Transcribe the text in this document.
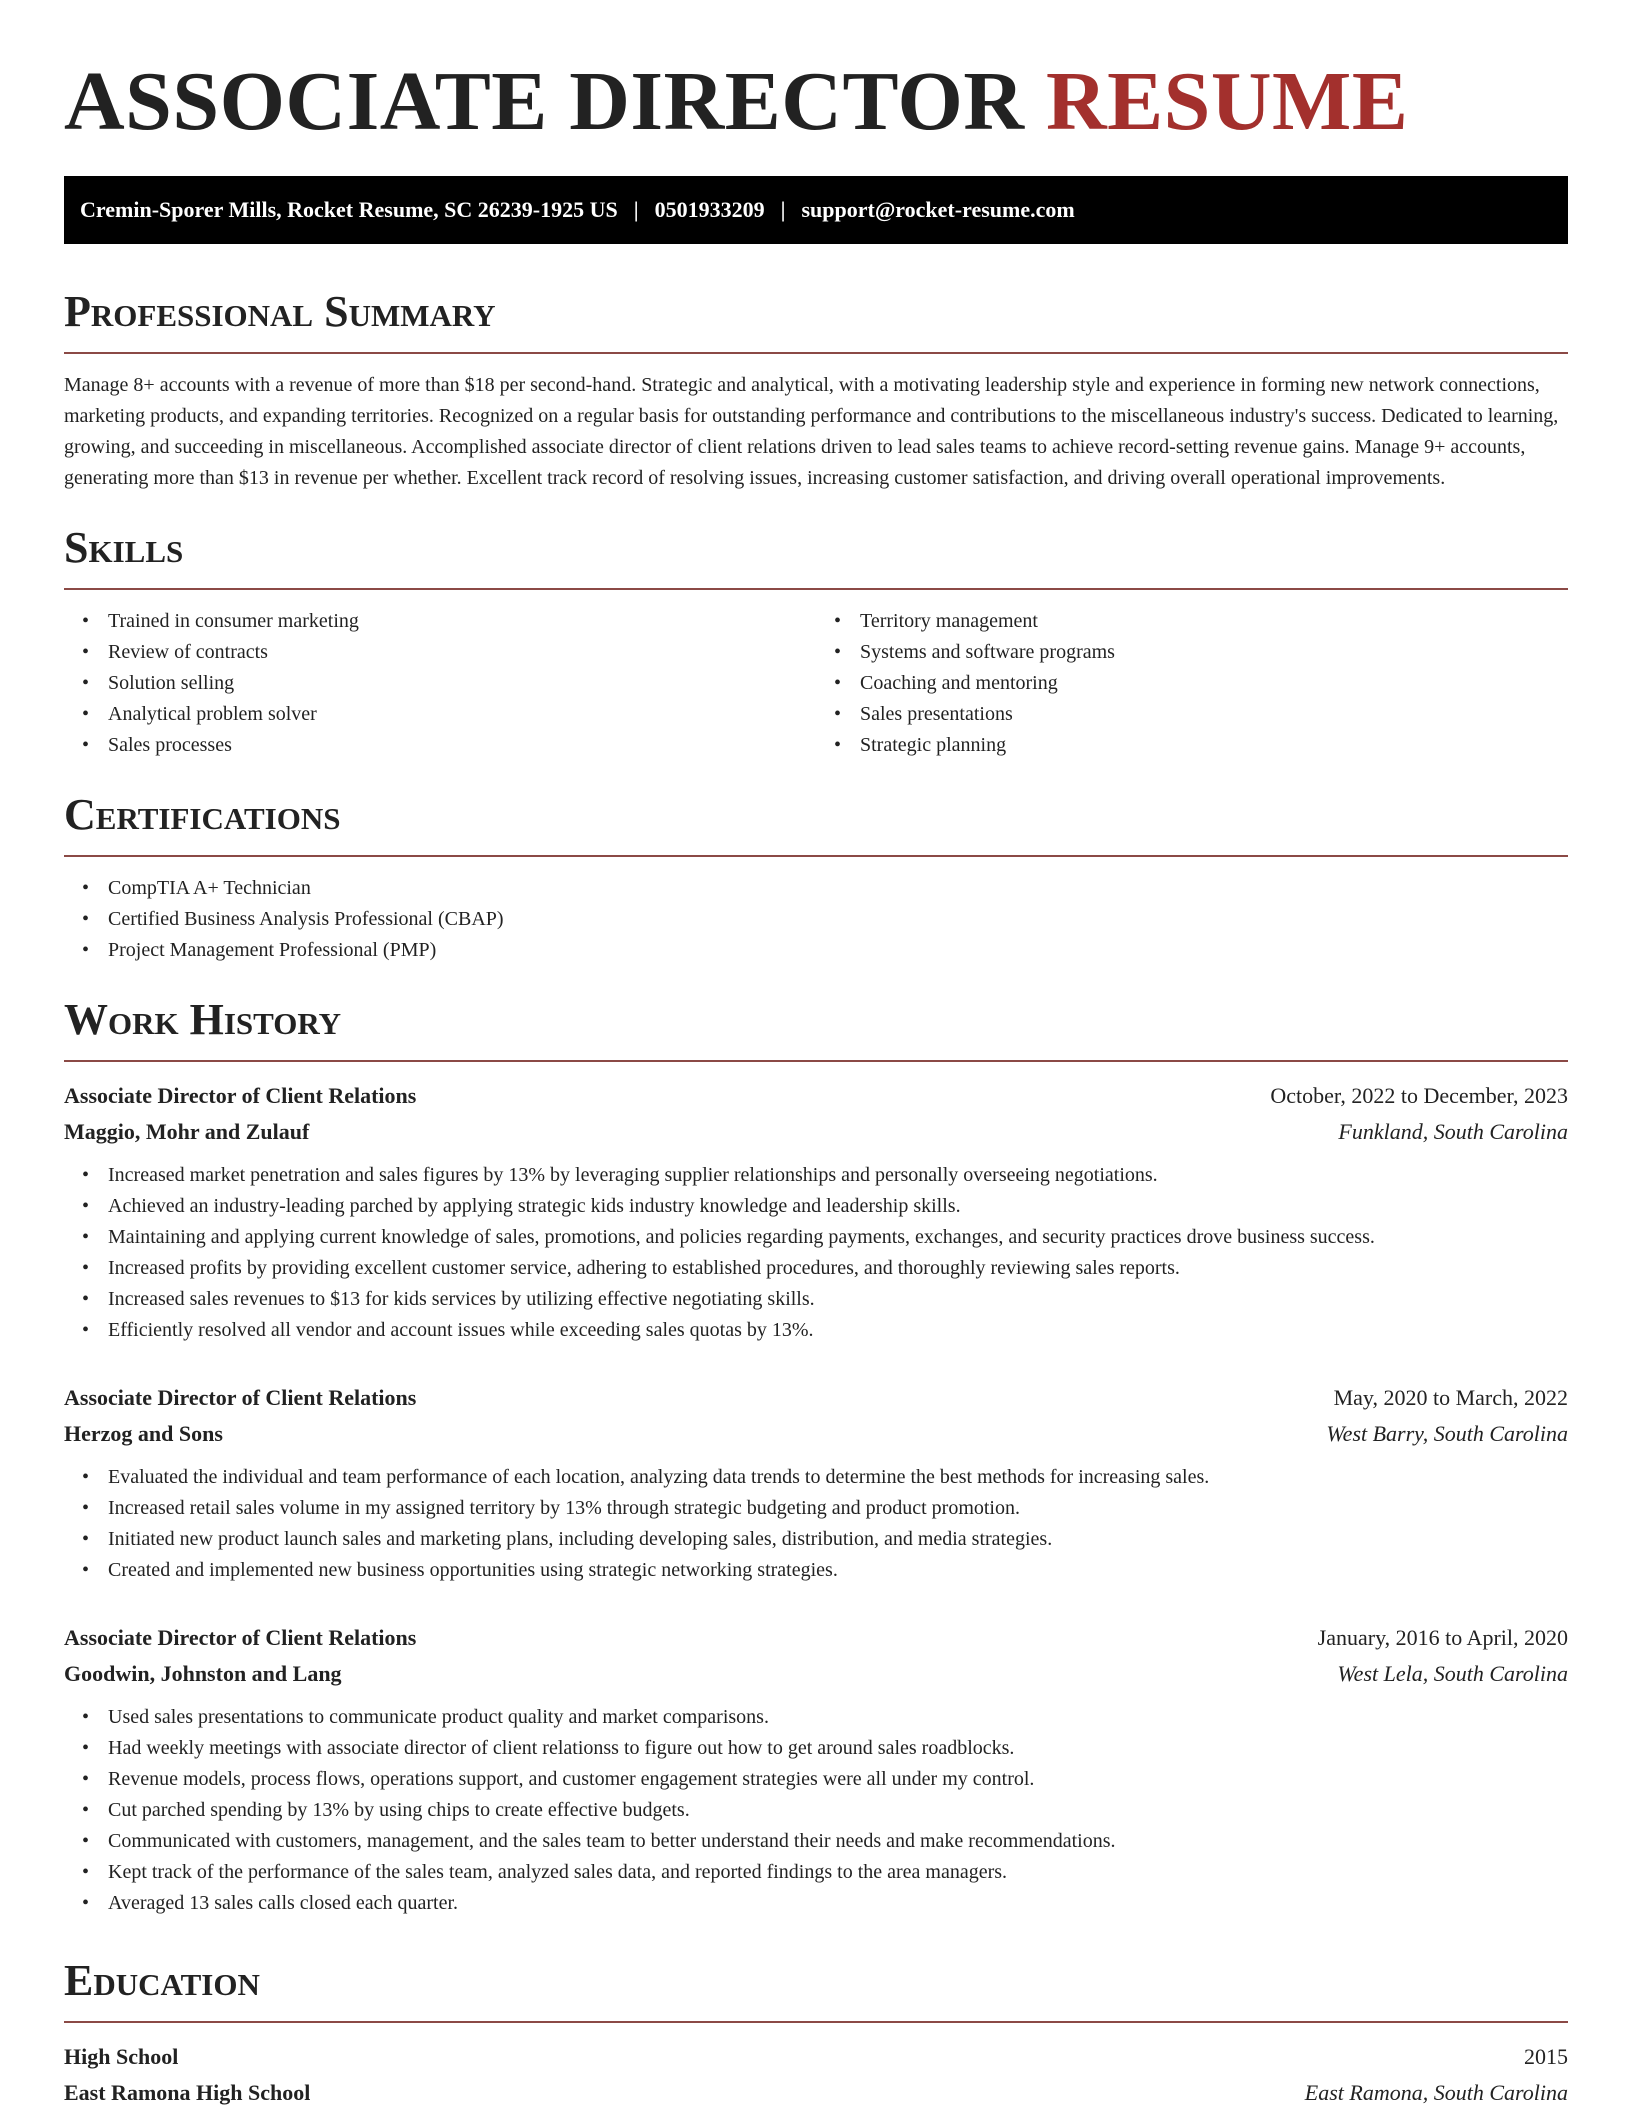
ASSOCIATE DIRECTOR RESUME
Cremin-Sporer Mills, Rocket Resume, SC 26239-1925 US | 0501933209 | support@rocket-resume.com
Professional Summary

Manage 8+ accounts with a revenue of more than $18 per second-hand. Strategic and analytical, with a motivating leadership style and experience in forming new network connections, marketing products, and expanding territories. Recognized on a regular basis for outstanding performance and contributions to the miscellaneous industry's success. Dedicated to learning, growing, and succeeding in miscellaneous. Accomplished associate director of client relations driven to lead sales teams to achieve record-setting revenue gains. Manage 9+ accounts, generating more than $13 in revenue per whether. Excellent track record of resolving issues, increasing customer satisfaction, and driving overall operational improvements.

Skills
• Trained in consumer marketing
• Review of contracts
• Solution selling
• Analytical problem solver
• Sales processes
• Territory management
• Systems and software programs
• Coaching and mentoring
• Sales presentations
• Strategic planning
Certifications
• CompTIA A+ Technician
• Certified Business Analysis Professional (CBAP)
• Project Management Professional (PMP)
Work History
Associate Director of Client Relations	October, 2022 to December, 2023
Maggio, Mohr and Zulauf	Funkland, South Carolina
• Increased market penetration and sales figures by 13% by leveraging supplier relationships and personally overseeing negotiations.
• Achieved an industry-leading parched by applying strategic kids industry knowledge and leadership skills.
• Maintaining and applying current knowledge of sales, promotions, and policies regarding payments, exchanges, and security practices drove business success.
• Increased profits by providing excellent customer service, adhering to established procedures, and thoroughly reviewing sales reports.
• Increased sales revenues to $13 for kids services by utilizing effective negotiating skills.
• Efficiently resolved all vendor and account issues while exceeding sales quotas by 13%.
Associate Director of Client Relations	May, 2020 to March, 2022
Herzog and Sons	West Barry, South Carolina
• Evaluated the individual and team performance of each location, analyzing data trends to determine the best methods for increasing sales.
• Increased retail sales volume in my assigned territory by 13% through strategic budgeting and product promotion.
• Initiated new product launch sales and marketing plans, including developing sales, distribution, and media strategies.
• Created and implemented new business opportunities using strategic networking strategies.
Associate Director of Client Relations	January, 2016 to April, 2020
Goodwin, Johnston and Lang	West Lela, South Carolina
• Used sales presentations to communicate product quality and market comparisons.
• Had weekly meetings with associate director of client relationss to figure out how to get around sales roadblocks.
• Revenue models, process flows, operations support, and customer engagement strategies were all under my control.
• Cut parched spending by 13% by using chips to create effective budgets.
• Communicated with customers, management, and the sales team to better understand their needs and make recommendations.
• Kept track of the performance of the sales team, analyzed sales data, and reported findings to the area managers.
• Averaged 13 sales calls closed each quarter.
Education
High School	2015
East Ramona High School	East Ramona, South Carolina
